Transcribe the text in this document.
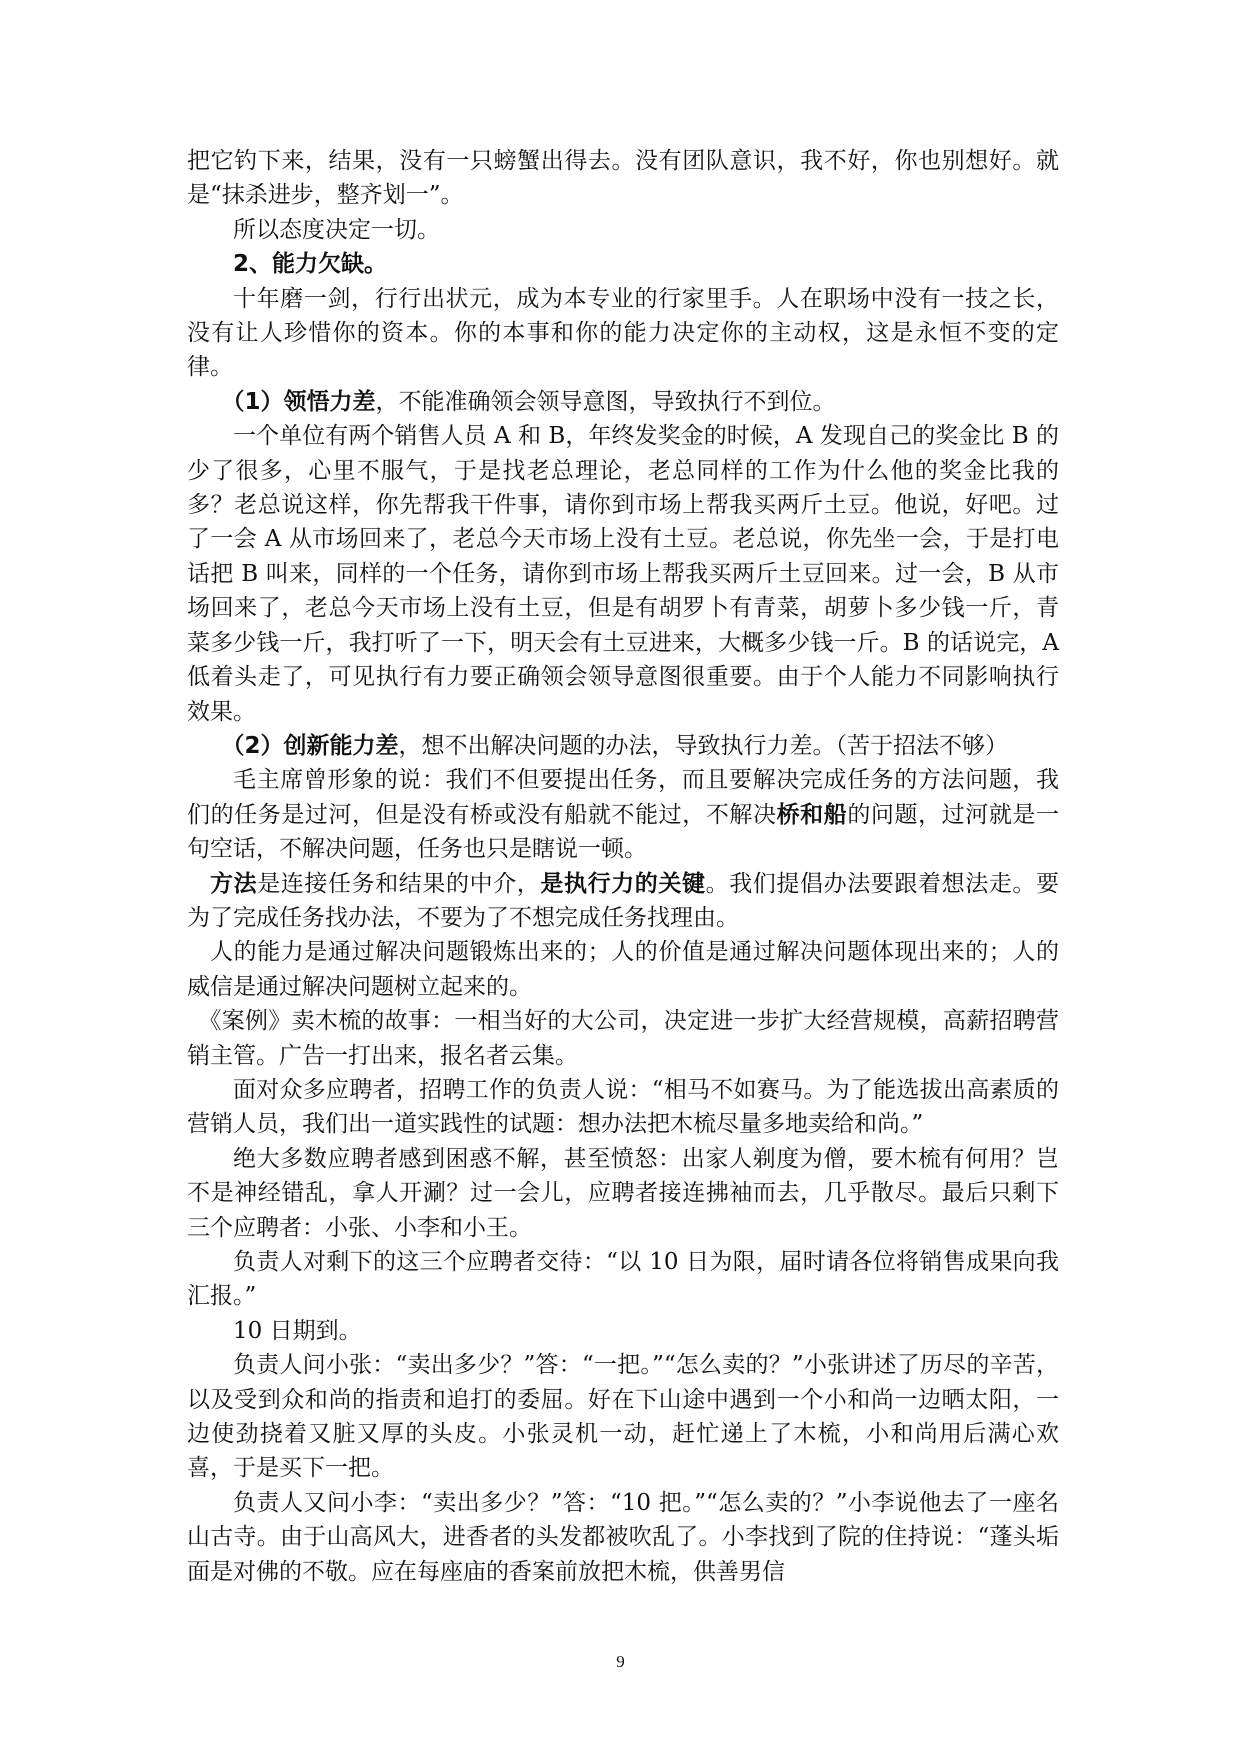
把它钓下来，结果，没有一只螃蟹出得去。没有团队意识，我不好，你也别想好。就是“抹杀进步，整齐划一”。

所以态度决定一切。

2、能力欠缺。

十年磨一剑，行行出状元，成为本专业的行家里手。人在职场中没有一技之长，没有让人珍惜你的资本。你的本事和你的能力决定你的主动权，这是永恒不变的定律。

（1）领悟力差，不能准确领会领导意图，导致执行不到位。

一个单位有两个销售人员 A 和 B，年终发奖金的时候，A 发现自己的奖金比 B 的少了很多，心里不服气，于是找老总理论，老总同样的工作为什么他的奖金比我的多？老总说这样，你先帮我干件事，请你到市场上帮我买两斤土豆。他说，好吧。过了一会 A 从市场回来了，老总今天市场上没有土豆。老总说，你先坐一会，于是打电话把 B 叫来，同样的一个任务，请你到市场上帮我买两斤土豆回来。过一会，B 从市场回来了，老总今天市场上没有土豆，但是有胡罗卜有青菜，胡萝卜多少钱一斤，青菜多少钱一斤，我打听了一下，明天会有土豆进来，大概多少钱一斤。B 的话说完，A 低着头走了，可见执行有力要正确领会领导意图很重要。由于个人能力不同影响执行效果。

（2）创新能力差，想不出解决问题的办法，导致执行力差。（苦于招法不够）

毛主席曾形象的说：我们不但要提出任务，而且要解决完成任务的方法问题，我们的任务是过河，但是没有桥或没有船就不能过，不解决桥和船的问题，过河就是一句空话，不解决问题，任务也只是瞎说一顿。

方法是连接任务和结果的中介，是执行力的关键。我们提倡办法要跟着想法走。要为了完成任务找办法，不要为了不想完成任务找理由。

人的能力是通过解决问题锻炼出来的；人的价值是通过解决问题体现出来的；人的威信是通过解决问题树立起来的。

《案例》卖木梳的故事：一相当好的大公司，决定进一步扩大经营规模，高薪招聘营销主管。广告一打出来，报名者云集。

面对众多应聘者，招聘工作的负责人说：“相马不如赛马。为了能选拔出高素质的营销人员，我们出一道实践性的试题：想办法把木梳尽量多地卖给和尚。”

绝大多数应聘者感到困惑不解，甚至愤怒：出家人剃度为僧，要木梳有何用？岂不是神经错乱，拿人开涮？过一会儿，应聘者接连拂袖而去，几乎散尽。最后只剩下三个应聘者：小张、小李和小王。

负责人对剩下的这三个应聘者交待：“以 10 日为限，届时请各位将销售成果向我汇报。”

10 日期到。

负责人问小张：“卖出多少？”答：“一把。”“怎么卖的？”小张讲述了历尽的辛苦，以及受到众和尚的指责和追打的委屈。好在下山途中遇到一个小和尚一边晒太阳，一边使劲挠着又脏又厚的头皮。小张灵机一动，赶忙递上了木梳，小和尚用后满心欢喜，于是买下一把。

负责人又问小李：“卖出多少？”答：“10 把。”“怎么卖的？”小李说他去了一座名山古寺。由于山高风大，进香者的头发都被吹乱了。小李找到了院的住持说：“蓬头垢面是对佛的不敬。应在每座庙的香案前放把木梳，供善男信

9
